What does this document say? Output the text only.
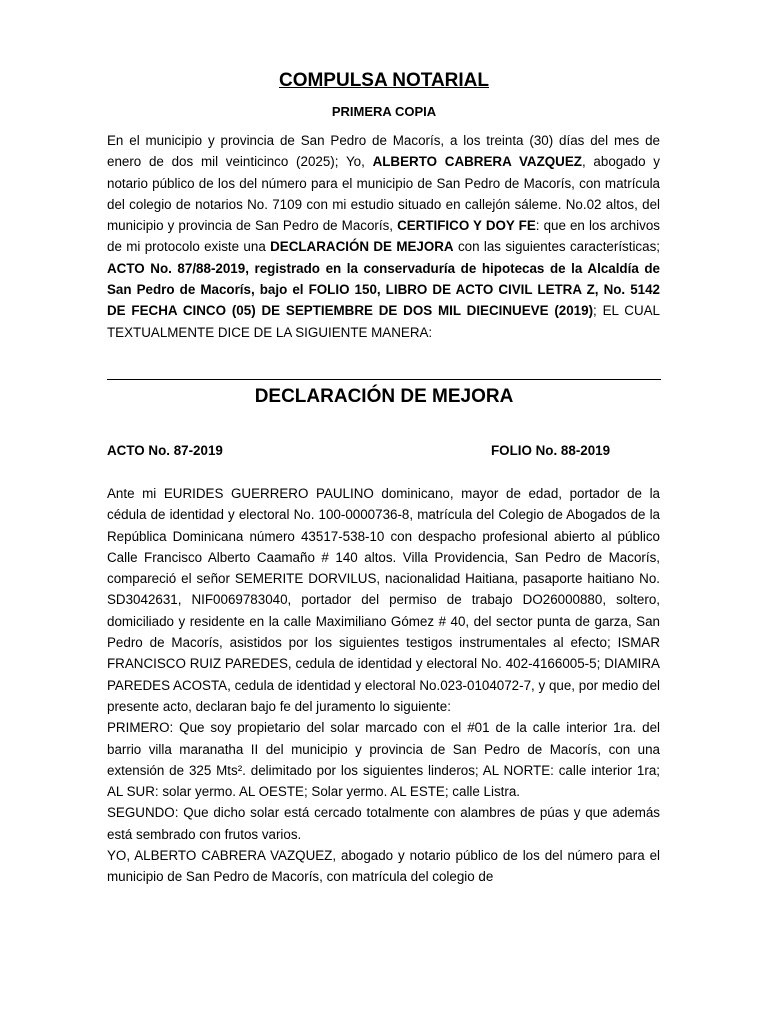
COMPULSA NOTARIAL
PRIMERA COPIA
En el municipio y provincia de San Pedro de Macorís, a los treinta (30) días del mes de enero de dos mil veinticinco (2025); Yo, ALBERTO CABRERA VAZQUEZ, abogado y notario público de los del número para el municipio de San Pedro de Macorís, con matrícula del colegio de notarios No. 7109 con mi estudio situado en callejón sáleme. No.02 altos, del municipio y provincia de San Pedro de Macorís, CERTIFICO Y DOY FE: que en los archivos de mi protocolo existe una DECLARACIÓN DE MEJORA con las siguientes características; ACTO No. 87/88-2019, registrado en la conservaduría de hipotecas de la Alcaldía de San Pedro de Macorís, bajo el FOLIO 150, LIBRO DE ACTO CIVIL LETRA Z, No. 5142 DE FECHA CINCO (05) DE SEPTIEMBRE DE DOS MIL DIECINUEVE (2019); EL CUAL TEXTUALMENTE DICE DE LA SIGUIENTE MANERA:
DECLARACIÓN DE MEJORA
ACTO No. 87-2019	FOLIO No. 88-2019

Ante mi EURIDES GUERRERO PAULINO dominicano, mayor de edad, portador de la cédula de identidad y electoral No. 100-0000736-8, matrícula del Colegio de Abogados de la República Dominicana número 43517-538-10 con despacho profesional abierto al público Calle Francisco Alberto Caamaño # 140 altos. Villa Providencia, San Pedro de Macorís, compareció el señor SEMERITE DORVILUS, nacionalidad Haitiana, pasaporte haitiano No. SD3042631, NIF0069783040, portador del permiso de trabajo DO26000880, soltero, domiciliado y residente en la calle Maximiliano Gómez # 40, del sector punta de garza, San Pedro de Macorís, asistidos por los siguientes testigos instrumentales al efecto; ISMAR FRANCISCO RUIZ PAREDES, cedula de identidad y electoral No. 402-4166005-5; DIAMIRA PAREDES ACOSTA, cedula de identidad y electoral No.023-0104072-7, y que, por medio del presente acto, declaran bajo fe del juramento lo siguiente:

PRIMERO: Que soy propietario del solar marcado con el #01 de la calle interior 1ra. del barrio villa maranatha II del municipio y provincia de San Pedro de Macorís, con una extensión de 325 Mts². delimitado por los siguientes linderos; AL NORTE: calle interior 1ra; AL SUR: solar yermo. AL OESTE; Solar yermo. AL ESTE; calle Listra.

SEGUNDO: Que dicho solar está cercado totalmente con alambres de púas y que además está sembrado con frutos varios.

YO, ALBERTO CABRERA VAZQUEZ, abogado y notario público de los del número para el municipio de San Pedro de Macorís, con matrícula del colegio de
